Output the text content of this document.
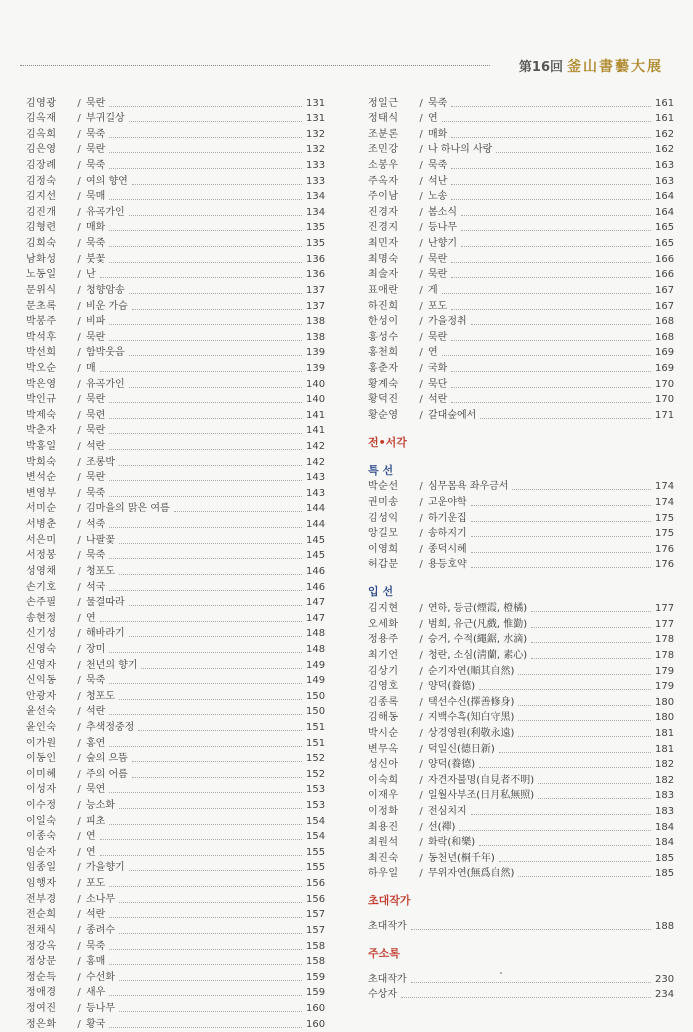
第16回 釜山書藝大展
김영광	/ 묵란	131
김옥재	/ 부귀길상	131
김옥희	/ 묵죽	132
김은영	/ 묵란	132
김장례	/ 묵죽	133
김정숙	/ 여의 향연	133
김지선	/ 묵매	134
김진개	/ 유곡가인	134
김형련	/ 매화	135
김희숙	/ 묵죽	135
남화성	/ 붓꽃	136
노동일	/ 난	136
문위식	/ 청향암송	137
문초록	/ 비운 가슴	137
박봉주	/ 비파	138
박석후	/ 묵란	138
박선희	/ 함박웃음	139
박오순	/ 매	139
박은영	/ 유곡가인	140
박인규	/ 묵란	140
박제숙	/ 묵련	141
박춘자	/ 묵란	141
박홍일	/ 석란	142
박희숙	/ 조롱박	142
변석순	/ 묵란	143
변영부	/ 묵죽	143
서미순	/ 김마을의 맑은 여름	144
서병춘	/ 석죽	144
서은미	/ 나팔꽃	145
서정봉	/ 묵죽	145
성영채	/ 청포도	146
손기호	/ 석국	146
손주필	/ 물결따라	147
송현정	/ 연	147
신기성	/ 해바라기	148
신영숙	/ 장미	148
신영자	/ 천년의 향기	149
신익동	/ 묵죽	149
안광자	/ 청포도	150
윤선숙	/ 석란	150
윤인숙	/ 추색정중정	151
이가원	/ 홍연	151
이동인	/ 숲의 으뜸	152
이미혜	/ 주의 어름	152
이성자	/ 묵연	153
이수정	/ 능소화	153
이일숙	/ 피초	154
이종숙	/ 연	154
임순자	/ 연	155
임종일	/ 가을향기	155
임행자	/ 포도	156
전부경	/ 소나무	156
전순희	/ 석란	157
전채식	/ 종려수	157
정강옥	/ 묵죽	158
정상문	/ 홍매	158
정순득	/ 수선화	159
정애경	/ 새우	159
정여진	/ 등나무	160
정은화	/ 황국	160
정일근	/ 묵죽	161
정태식	/ 연	161
조분론	/ 매화	162
조민강	/ 나 하나의 사랑	162
소봉우	/ 묵죽	163
주옥자	/ 석난	163
주이남	/ 노송	164
진경자	/ 봄소식	164
진경지	/ 등나무	165
최민자	/ 난향기	165
최명숙	/ 묵란	166
최술자	/ 묵란	166
표애란	/ 게	167
하진희	/ 포도	167
한성이	/ 가을정취	168
홍성수	/ 묵란	168
홍천희	/ 연	169
홍춘자	/ 국화	169
황계숙	/ 묵단	170
황덕진	/ 석란	170
황순영	/ 갈대숲에서	171
전•서각
특 선
박순선	/ 심무몸욕 좌우금서	174
권미송	/ 고운야학	174
김성익	/ 하기운집	175
앙길모	/ 송하지기	175
이영희	/ 종덕시혜	176
허갑문	/ 용등호약	176
입 선
김지현	/ 연하, 등금(煙霞, 橙橘)	177
오세화	/ 범희, 유근(凡戲, 惟勤)	177
정용주	/ 승거, 수적(繩鋸, 水滴)	178
최기언	/ 청란, 소심(淸蘭, 素心)	178
김상기	/ 순기자연(順其自然)	179
김영호	/ 양덕(養德)	179
김종록	/ 택선수신(擇善修身)	180
김해동	/ 지백수흑(知白守黑)	180
박시순	/ 상경영원(利敬永遠)	181
변무옥	/ 덕일신(德日新)	181
성신아	/ 양덕(養德)	182
이숙희	/ 자견자불명(自見者不明)	182
이재우	/ 일월사부조(日月私無照)	183
이정화	/ 전심치지	183
최용진	/ 선(禪)	184
최원석	/ 화락(和樂)	184
최진숙	/ 동천년(桐千年)	185
하우일	/ 무위자연(無爲自然)	185
초대작가
초대작가	188
주소록
초대작가	230
수상자	234
